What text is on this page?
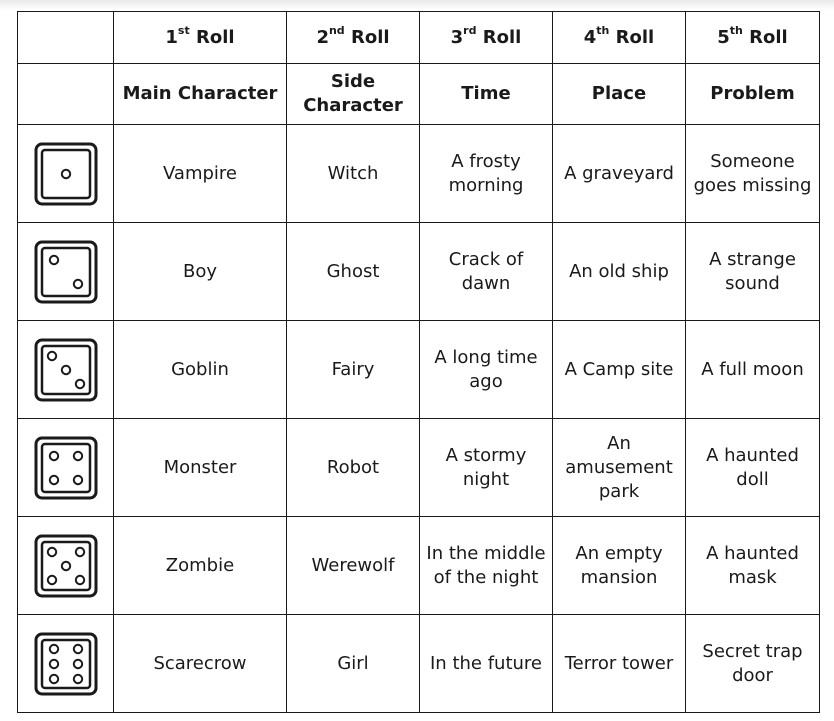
	1st Roll	2nd Roll	3rd Roll	4th Roll	5th Roll
	Main Character	Side Character	Time	Place	Problem

	Vampire	Witch	A frosty morning	A graveyard	Someone goes missing

	Boy	Ghost	Crack of dawn	An old ship	A strange sound

	Goblin	Fairy	A long time ago	A Camp site	A full moon

	Monster	Robot	A stormy night	An amusement park	A haunted doll

	Zombie	Werewolf	In the middle of the night	An empty mansion	A haunted mask

	Scarecrow	Girl	In the future	Terror tower	Secret trap door
